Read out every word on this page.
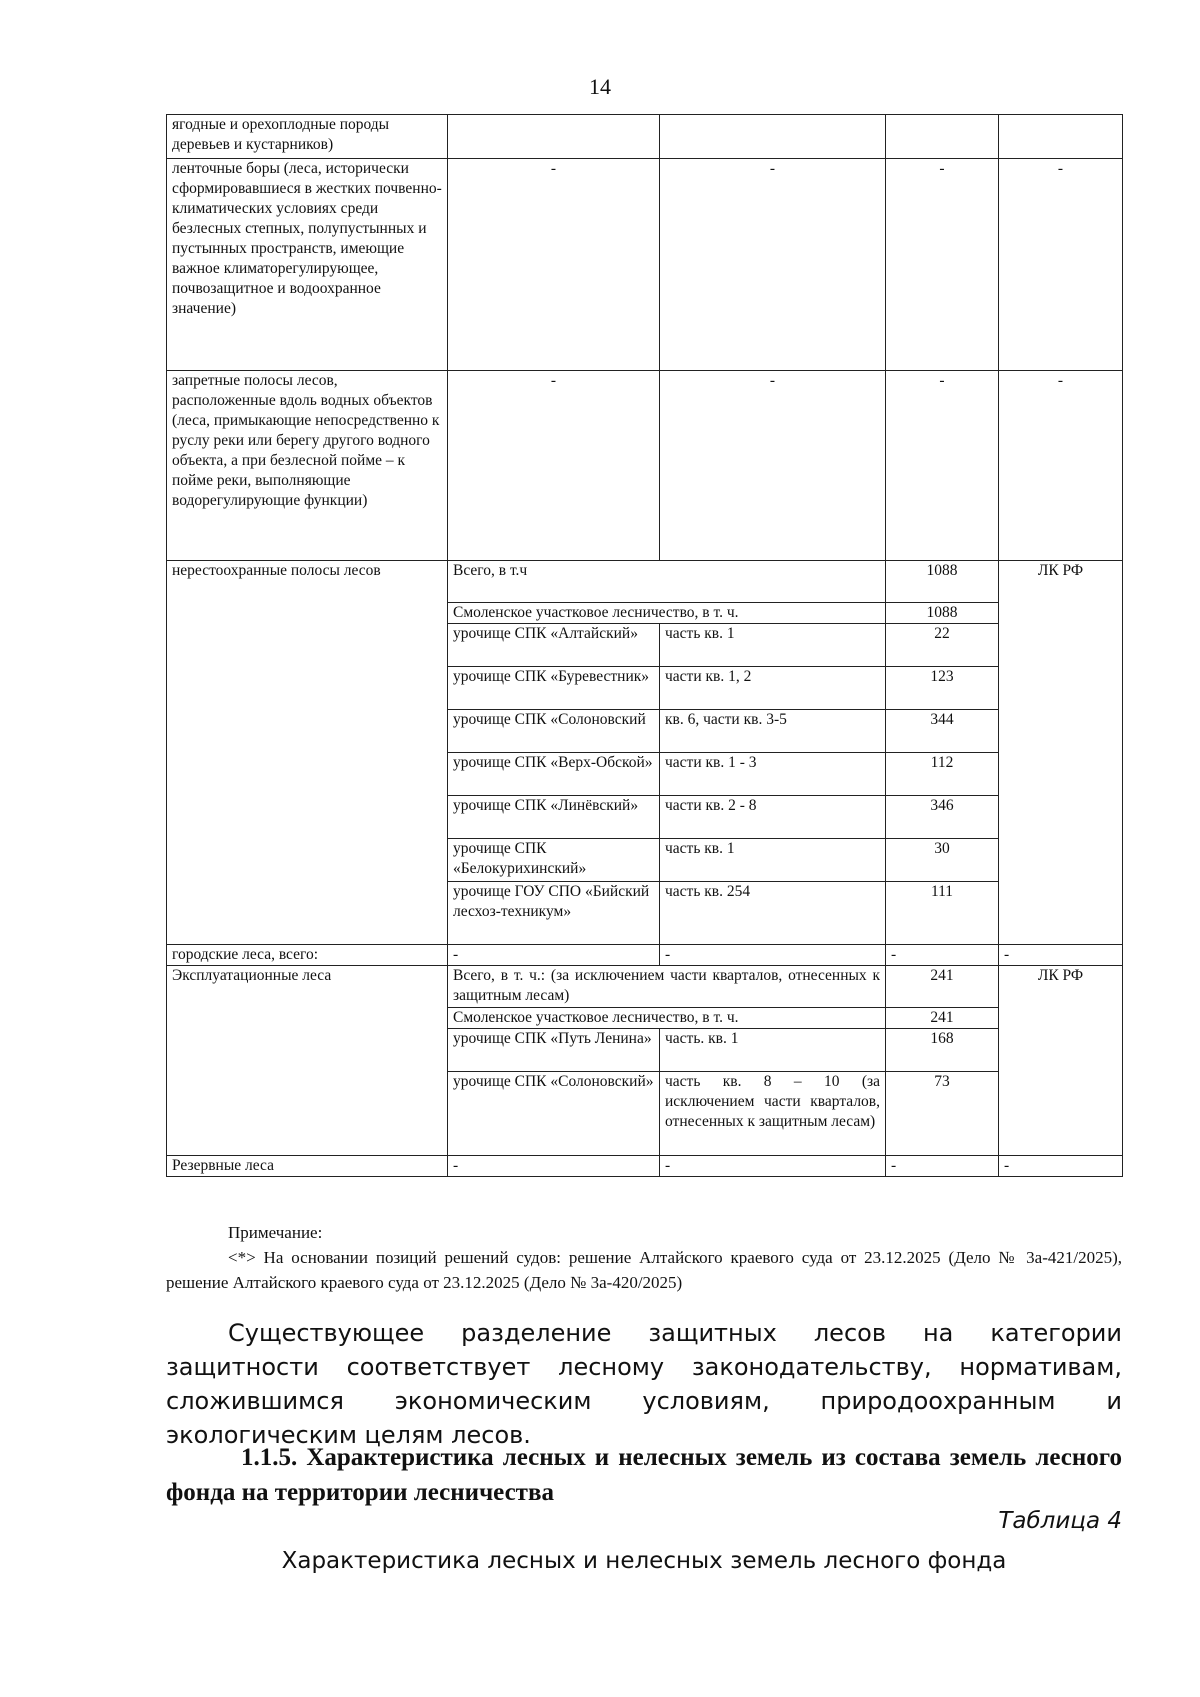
14
ягодные и орехоплодные породы деревьев и кустарников)				
ленточные боры (леса, исторически сформировавшиеся в жестких почвенно-климатических условиях среди безлесных степных, полупустынных и пустынных пространств, имеющие важное климаторегулирующее, почвозащитное и водоохранное значение)	-	-	-	-

запретные полосы лесов, расположенные вдоль водных объектов
(леса, примыкающие непосредственно к руслу реки или берегу другого водного объекта, а при безлесной пойме – к пойме реки, выполняющие водорегулирующие функции)	-	-	-	-
нерестоохранные полосы лесов	Всего, в т.ч		1088	ЛК РФ
	Смоленское участковое лесничество, в т. ч.		1088	
	урочище СПК «Алтайский»	часть кв. 1	22	
	урочище СПК «Буревестник»	части кв. 1, 2	123	
	урочище СПК «Солоновский	кв. 6, части кв. 3-5	344	
	урочище СПК «Верх-Обской»	части кв. 1 - 3	112	
	урочище СПК «Линёвский»	части кв. 2 - 8	346	
	урочище СПК «Белокурихинский»	часть кв. 1	30	
	урочище ГОУ СПО «Бийский лесхоз-техникум»	часть кв. 254	111	
городские леса, всего:	-	-	-	-
Эксплуатационные леса	Всего, в т. ч.: (за исключением части кварталов, отнесенных к защитным лесам)		241	ЛК РФ
	Смоленское участковое лесничество, в т. ч.		241	
	урочище СПК «Путь Ленина»	часть. кв. 1	168	
	урочище СПК «Солоновский»	часть кв. 8 – 10 (за исключением части кварталов, отнесенных к защитным лесам)	73	
Резервные леса	-	-	-	-
Примечание:
<*> На основании позиций решений судов: решение Алтайского краевого суда от 23.12.2025 (Дело № 3а-421/2025), решение Алтайского краевого суда от 23.12.2025 (Дело № 3а-420/2025)
Существующее разделение защитных лесов на категории защитности соответствует лесному законодательству, нормативам, сложившимся экономическим условиям, природоохранным и экологическим целям лесов.
1.1.5. Характеристика лесных и нелесных земель из состава земель лесного фонда на территории лесничества
Таблица 4
Характеристика лесных и нелесных земель лесного фонда
